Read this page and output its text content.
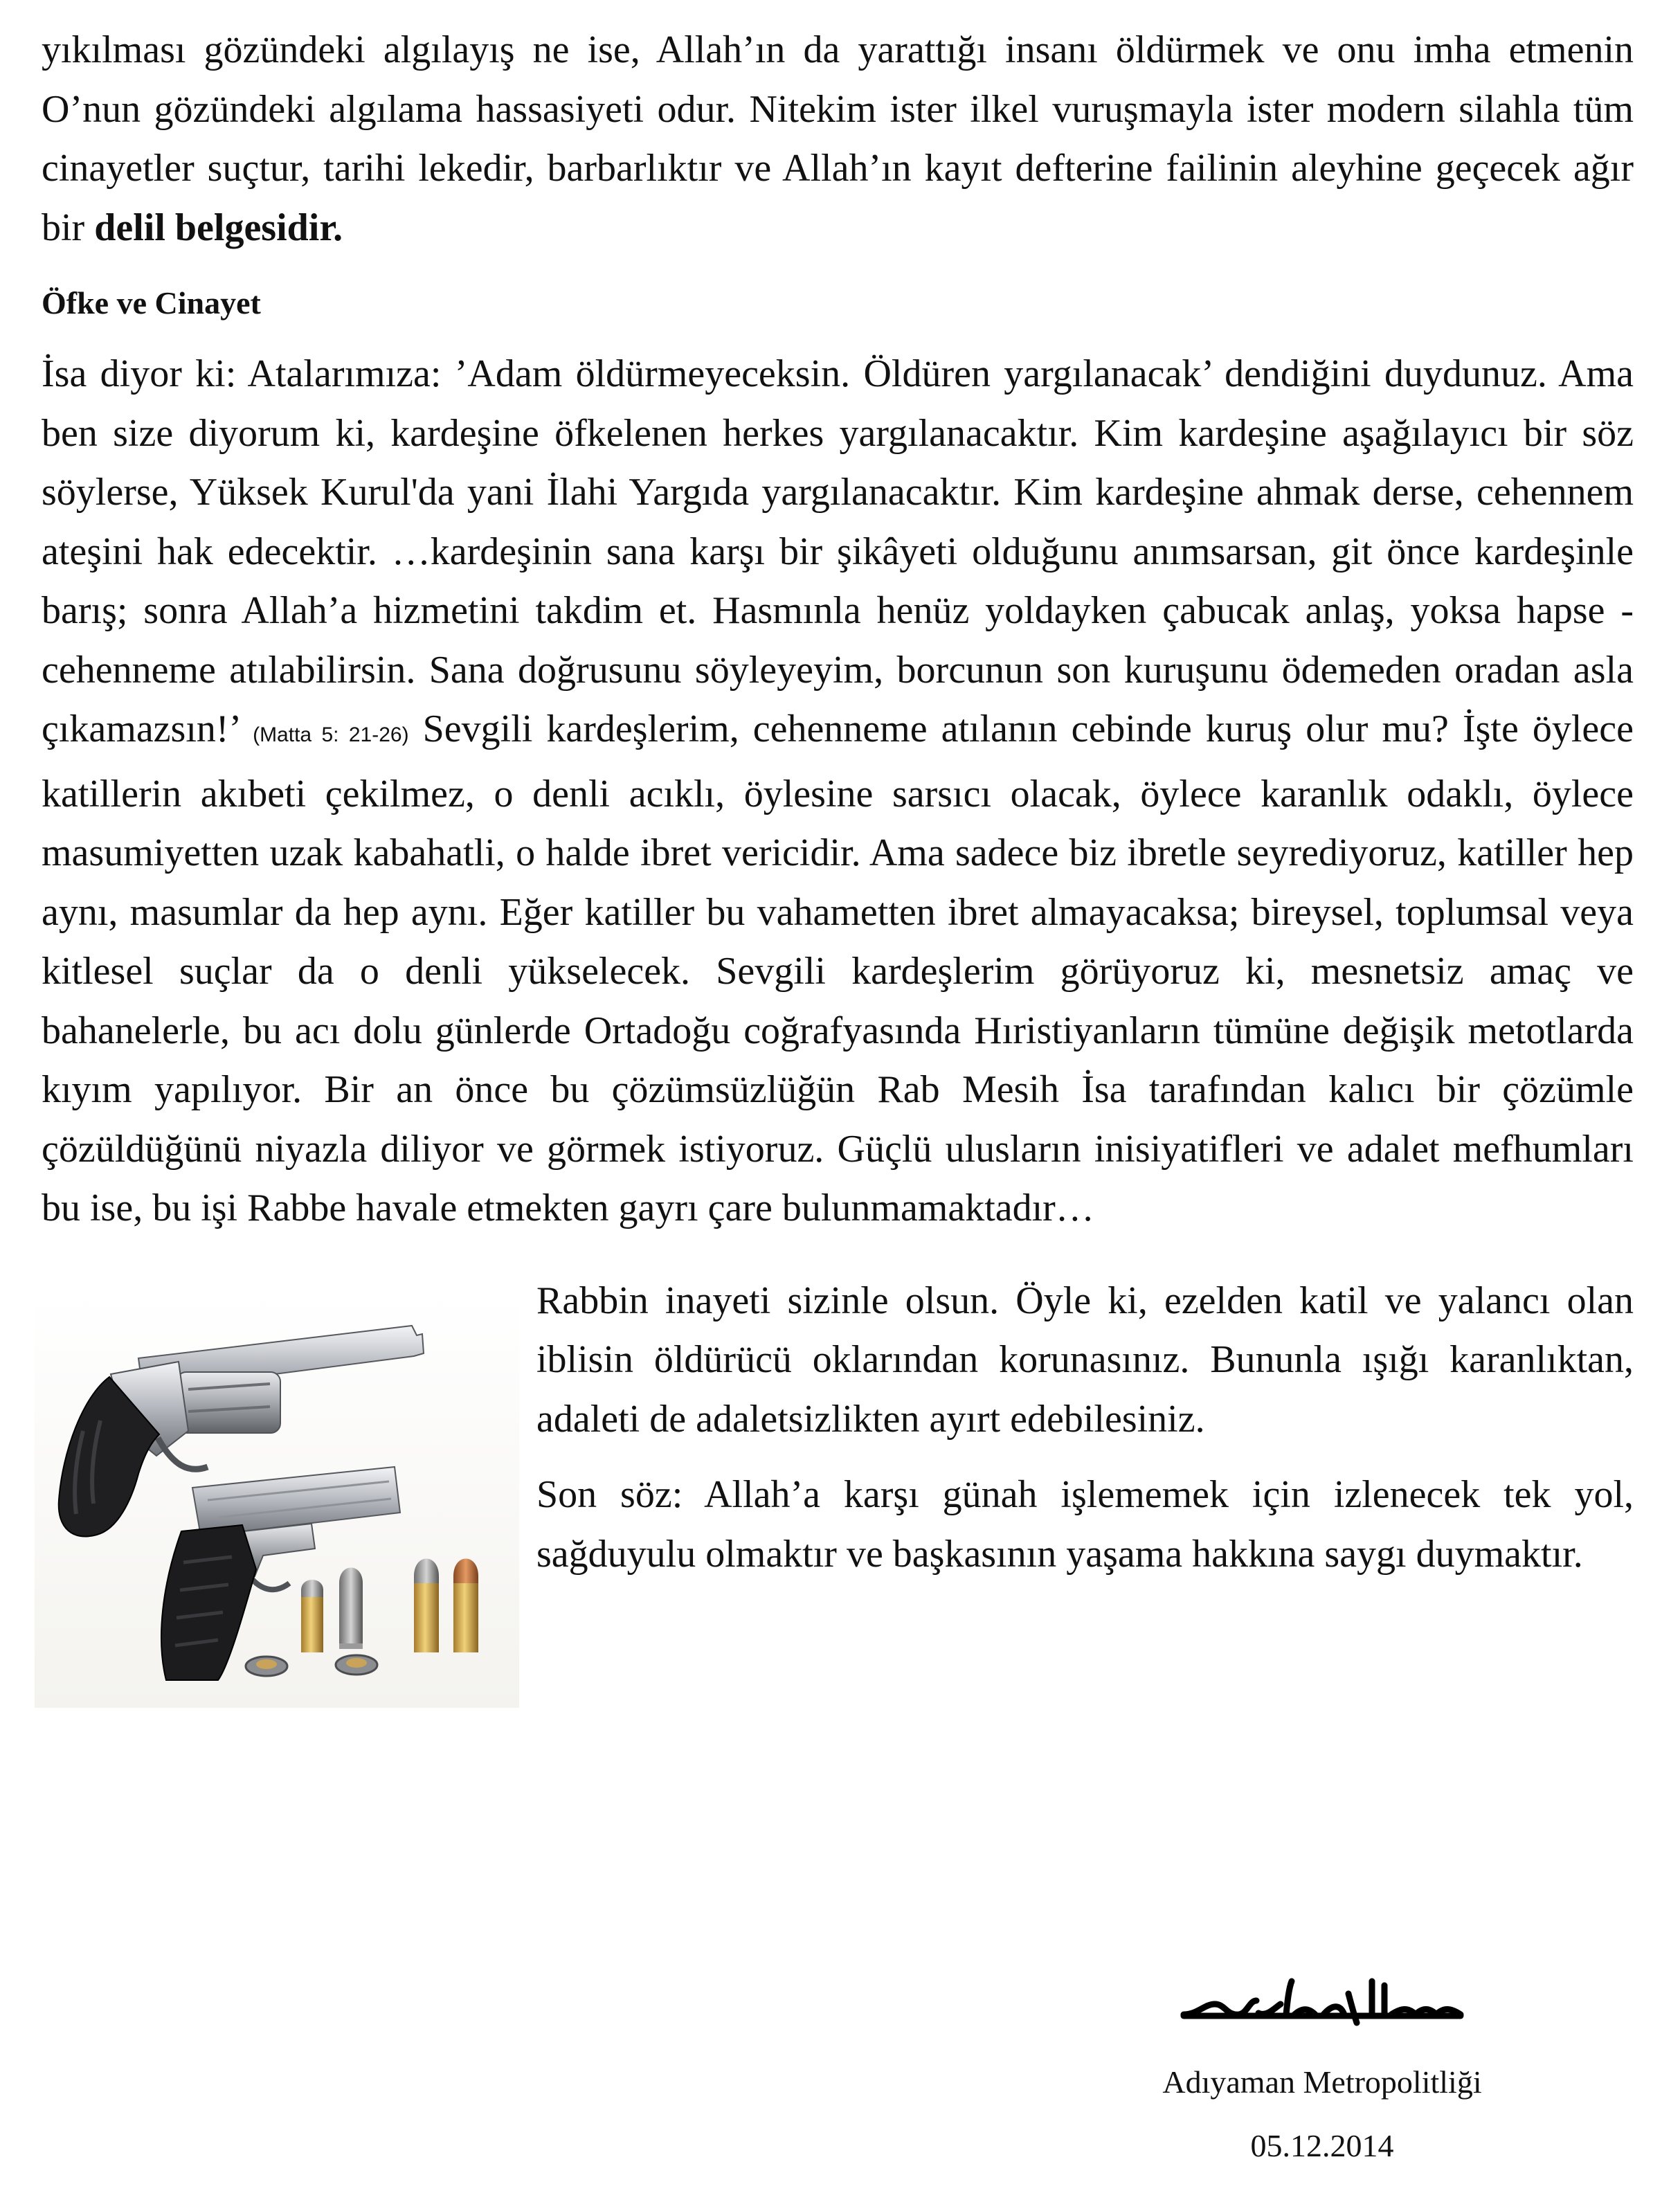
yıkılması gözündeki algılayış ne ise, Allah’ın da yarattığı insanı öldürmek ve onu imha etmenin O’nun gözündeki algılama hassasiyeti odur. Nitekim ister ilkel vuruşmayla ister modern silahla tüm cinayetler suçtur, tarihi lekedir, barbarlıktır ve Allah’ın kayıt defterine failinin aleyhine geçecek ağır bir delil belgesidir.

Öfke ve Cinayet

İsa diyor ki: Atalarımıza: ’Adam öldürmeyeceksin. Öldüren yargılanacak’ dendiğini duydunuz. Ama ben size diyorum ki, kardeşine öfkelenen herkes yargılanacaktır. Kim kardeşine aşağılayıcı bir söz söylerse, Yüksek Kurul'da yani İlahi Yargıda yargılanacaktır. Kim kardeşine ahmak derse, cehennem ateşini hak edecektir. …kardeşinin sana karşı bir şikâyeti olduğunu anımsarsan, git önce kardeşinle barış; sonra Allah’a hizmetini takdim et. Hasmınla henüz yoldayken çabucak anlaş, yoksa hapse - cehenneme atılabilirsin. Sana doğrusunu söyleyeyim, borcunun son kuruşunu ödemeden oradan asla çıkamazsın!’ (Matta 5: 21-26) Sevgili kardeşlerim, cehenneme atılanın cebinde kuruş olur mu? İşte öylece katillerin akıbeti çekilmez, o denli acıklı, öylesine sarsıcı olacak, öylece karanlık odaklı, öylece masumiyetten uzak kabahatli, o halde ibret vericidir. Ama sadece biz ibretle seyrediyoruz, katiller hep aynı, masumlar da hep aynı. Eğer katiller bu vahametten ibret almayacaksa; bireysel, toplumsal veya kitlesel suçlar da o denli yükselecek. Sevgili kardeşlerim görüyoruz ki, mesnetsiz amaç ve bahanelerle, bu acı dolu günlerde Ortadoğu coğrafyasında Hıristiyanların tümüne değişik metotlarda kıyım yapılıyor. Bir an önce bu çözümsüzlüğün Rab Mesih İsa tarafından kalıcı bir çözümle çözüldüğünü niyazla diliyor ve görmek istiyoruz. Güçlü ulusların inisiyatifleri ve adalet mefhumları bu ise, bu işi Rabbe havale etmekten gayrı çare bulunmamaktadır…

Rabbin inayeti sizinle olsun. Öyle ki, ezelden katil ve yalancı olan iblisin öldürücü oklarından korunasınız. Bununla ışığı karanlıktan, adaleti de adaletsizlikten ayırt edebilesiniz.

Son söz: Allah’a karşı günah işlememek için izlenecek tek yol, sağduyulu olmaktır ve başkasının yaşama hakkına saygı duymaktır.

Adıyaman Metropolitliği
05.12.2014
